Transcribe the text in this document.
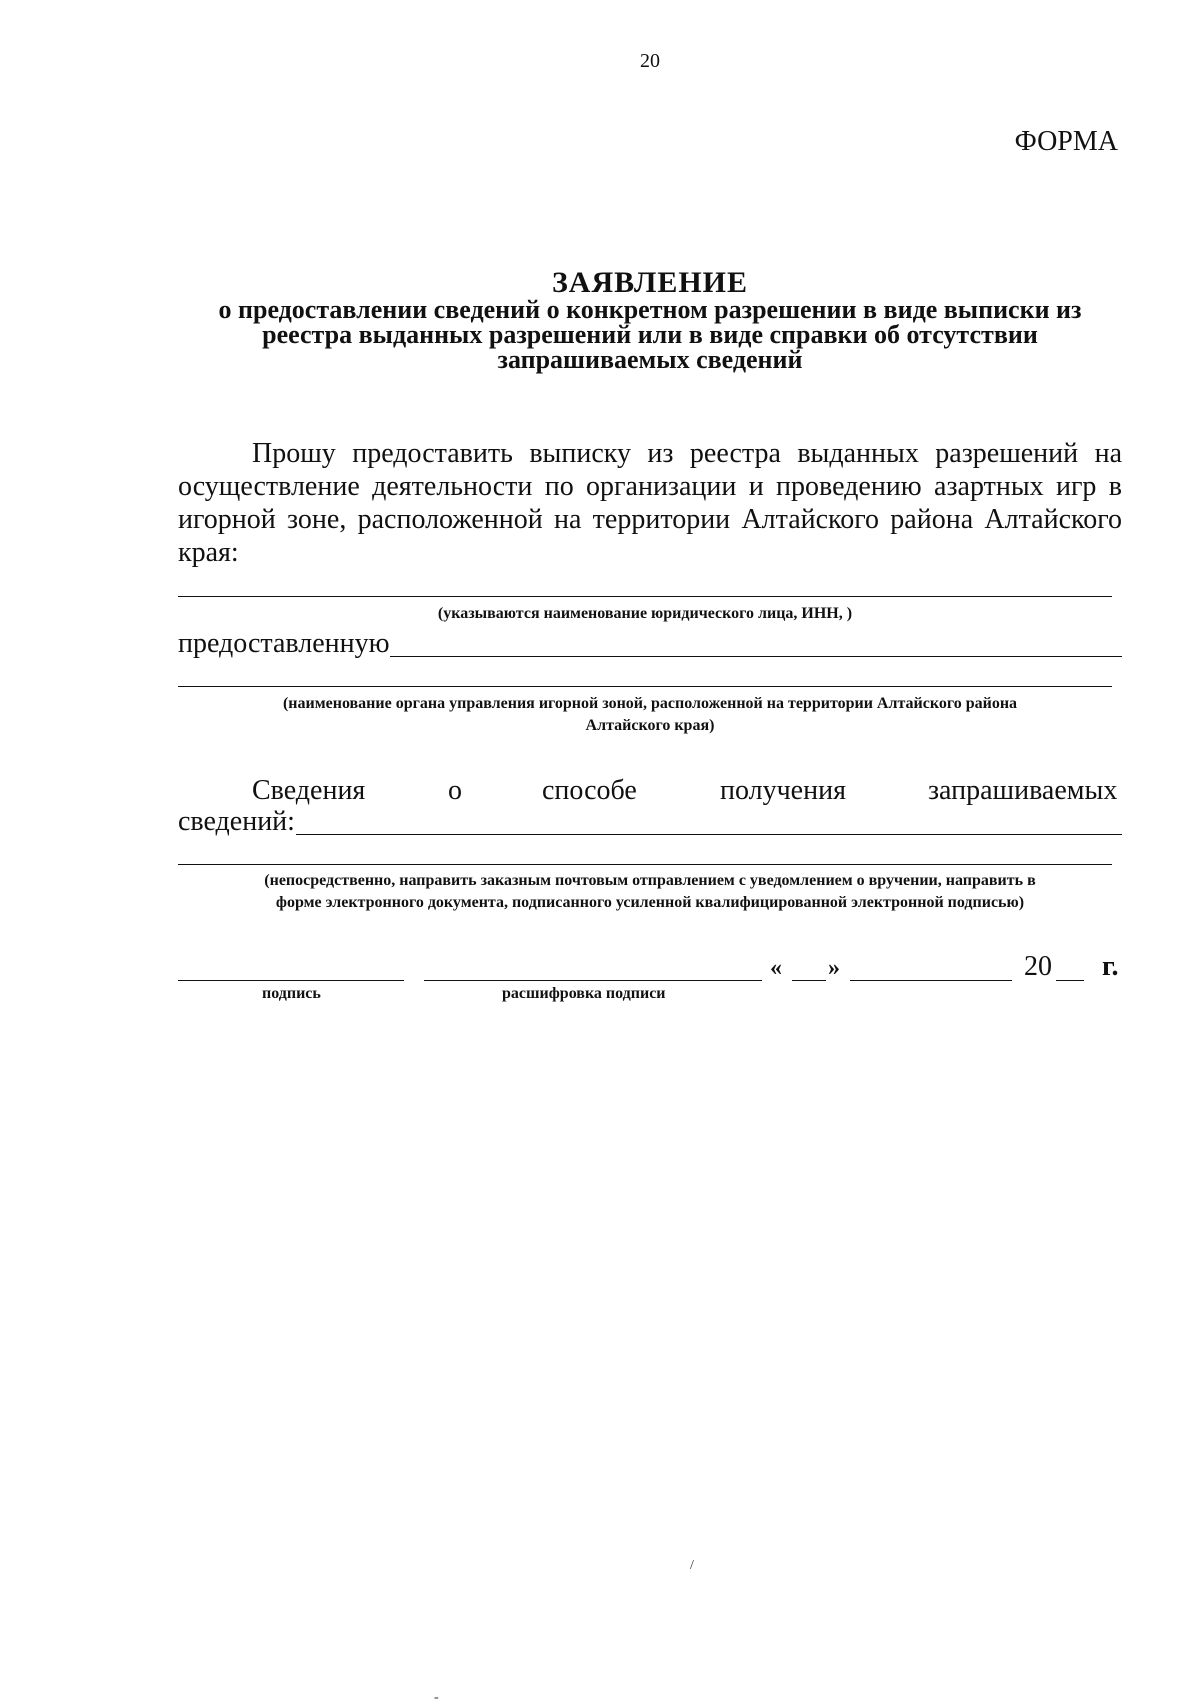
20
ФОРМА
ЗАЯВЛЕНИЕ
о предоставлении сведений о конкретном разрешении в виде выписки из
реестра выданных разрешений или в виде справки об отсутствии
запрашиваемых сведений
Прошу предоставить выписку из реестра выданных разрешений на осуществление деятельности по организации и проведению азартных игр в игорной зоне, расположенной на территории Алтайского района Алтайского края:
(указываются наименование юридического лица, ИНН, )
предоставленную
(наименование органа управления игорной зоной, расположенной на территории Алтайского района
Алтайского края)
Сведения	о	способе	получения	запрашиваемых
сведений:
(непосредственно, направить заказным почтовым отправлением с уведомлением о вручении, направить в
форме электронного документа, подписанного усиленной квалифицированной электронной подписью)
« »	20 г.
подпись	расшифровка подписи
/
-
